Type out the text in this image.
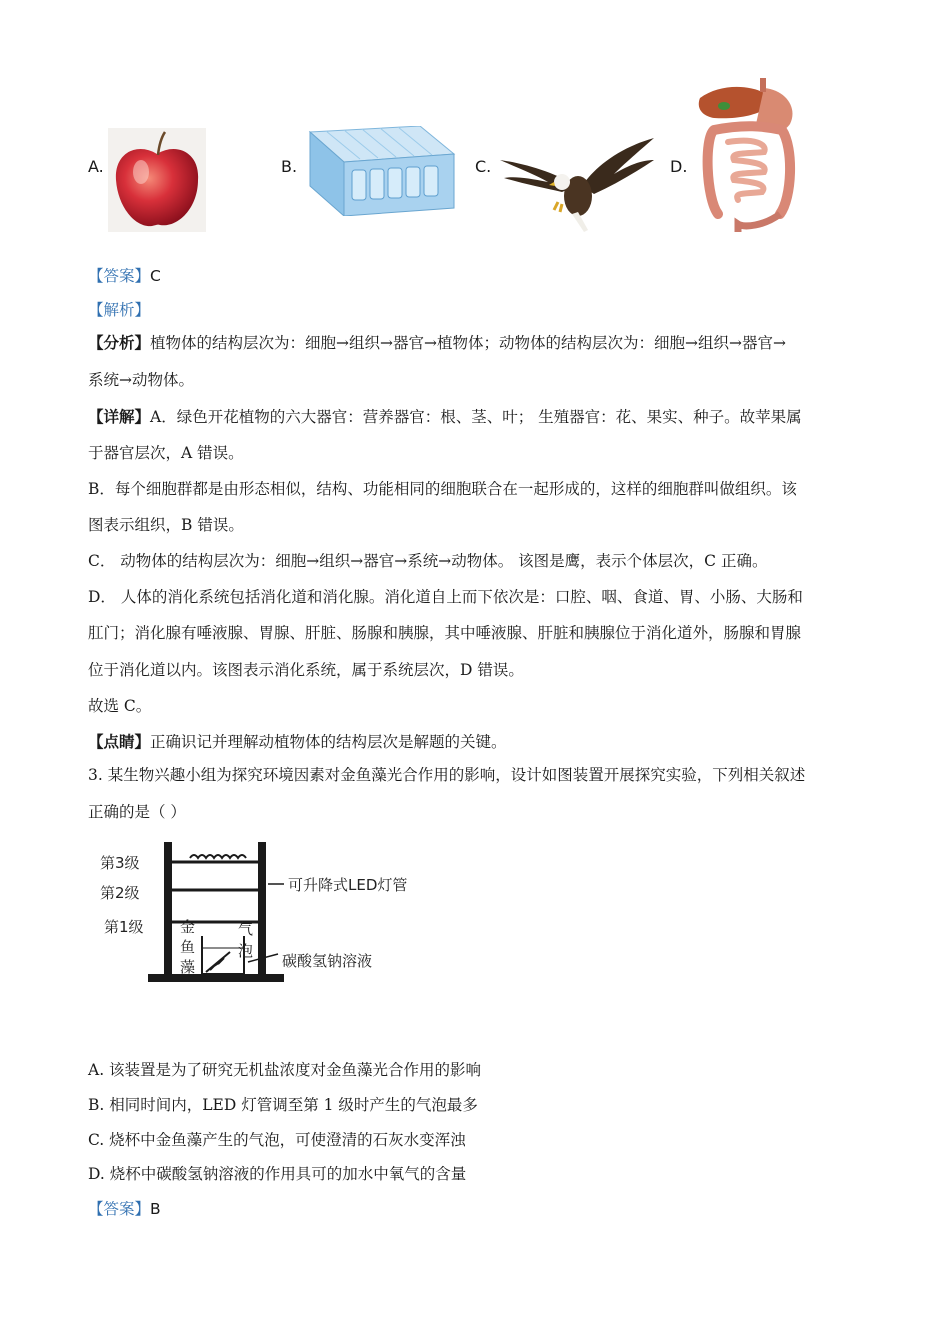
A.	B.	C.	D.
【答案】C
【解析】
【分析】植物体的结构层次为：细胞→组织→器官→植物体；动物体的结构层次为：细胞→组织→器官→
系统→动物体。
【详解】A．绿色开花植物的六大器官：营养器官：根、茎、叶； 生殖器官：花、果实、种子。故苹果属
于器官层次，A 错误。
B．每个细胞群都是由形态相似，结构、功能相同的细胞联合在一起形成的，这样的细胞群叫做组织。该
图表示组织，B 错误。
C． 动物体的结构层次为：细胞→组织→器官→系统→动物体。 该图是鹰，表示个体层次，C 正确。
D． 人体的消化系统包括消化道和消化腺。消化道自上而下依次是：口腔、咽、食道、胃、小肠、大肠和
肛门；消化腺有唾液腺、胃腺、肝脏、肠腺和胰腺，其中唾液腺、肝脏和胰腺位于消化道外，肠腺和胃腺
位于消化道以内。该图表示消化系统，属于系统层次，D 错误。
故选 C。
【点睛】正确识记并理解动植物体的结构层次是解题的关键。
3. 某生物兴趣小组为探究环境因素对金鱼藻光合作用的影响，设计如图装置开展探究实验，下列相关叙述
正确的是（ ）
第3级
第2级
第1级
可升降式LED灯管
金
鱼
藻
气
泡
碳酸氢钠溶液
A. 该装置是为了研究无机盐浓度对金鱼藻光合作用的影响
B. 相同时间内，LED 灯管调至第 1 级时产生的气泡最多
C. 烧杯中金鱼藻产生的气泡，可使澄清的石灰水变浑浊
D. 烧杯中碳酸氢钠溶液的作用具可的加水中氧气的含量
【答案】B
